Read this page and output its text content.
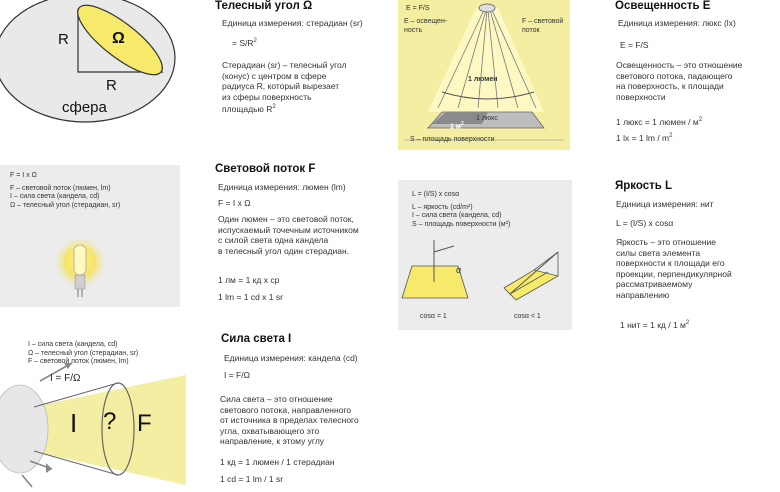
R
R
Ω
сфера
Телесный угол Ω
Единица измерения: стерадиан (sr)
= $S/R^2$
Стерадиан (sr) – телесный угол
(конус) с центром в сфере
радиуса R, который вырезает
из сферы поверхность
площадью $R^2$
E = F/S
E – освещен-
ность
F – световой
поток
1 люмен
1 люкс
1 $м^2$
S – площадь поверхности
Освещенность E
Единица измерения: люкс (lx)
E = F/S
Освещенность – это отношение
светового потока, падающего
на поверхность, к площади
поверхности
1 люкс = 1 люмен / $м^2$
1 lx = 1 lm / $m^2$
F = I x Ω
F – световой поток (люмен, lm)
I – сила света (кандела, cd)
Ω – телесный угол (стерадиан, sr)
Световой поток F
Единица измерения: люмен (lm)
F = I x Ω
Один люмен – это световой поток,
испускаемый точечным источником
с силой света одна кандела
в телесный угол один стерадиан.
1 лм = 1 кд x ср
1 lm = 1 cd x 1 sr
L = (I/S) x cosα
L – яркость (cd/m²)
I – сила света (кандела, cd)
S – площадь поверхности (м²)
α
cosα = 1	cosα < 1
Яркость L
Единица измерения: нит
L = (I/S) x cosα
Яркость – это отношение
силы света элемента
поверхности к площади его
проекции, перпендикулярной
рассматриваемому
направлению
1 нит = 1 кд / 1 $м^2$
I – сила света (кандела, cd)
Ω – телесный угол (стерадиан, sr)
F – световой поток (люмен, lm)
I = F/Ω
I ? F
Сила света I
Единица измерения: кандела (cd)
I = F/Ω
Сила света – это отношение
светового потока, направленного
от источника в пределах телесного
угла, охватывающего это
направление, к этому углу
1 кд = 1 люмен / 1 стерадиан
1 cd = 1 lm / 1 sr
